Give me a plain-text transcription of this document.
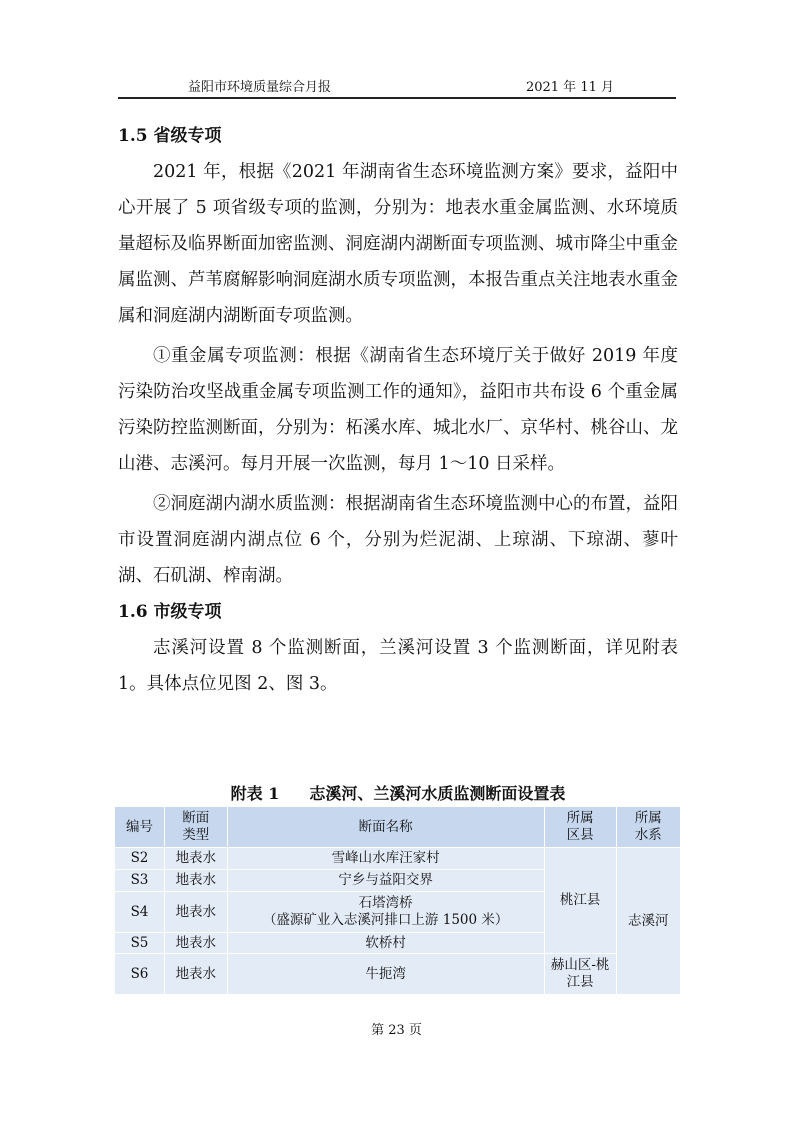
益阳市环境质量综合月报	2021 年 11 月
1.5 省级专项

2021 年，根据《2021 年湖南省生态环境监测方案》要求，益阳中心开展了 5 项省级专项的监测，分别为：地表水重金属监测、水环境质量超标及临界断面加密监测、洞庭湖内湖断面专项监测、城市降尘中重金属监测、芦苇腐解影响洞庭湖水质专项监测，本报告重点关注地表水重金属和洞庭湖内湖断面专项监测。

①重金属专项监测：根据《湖南省生态环境厅关于做好 2019 年度污染防治攻坚战重金属专项监测工作的通知》，益阳市共布设 6 个重金属污染防控监测断面，分别为：柘溪水库、城北水厂、京华村、桃谷山、龙山港、志溪河。每月开展一次监测，每月 1～10 日采样。

②洞庭湖内湖水质监测：根据湖南省生态环境监测中心的布置，益阳市设置洞庭湖内湖点位 6 个，分别为烂泥湖、上琼湖、下琼湖、蓼叶湖、石矶湖、榨南湖。

1.6 市级专项

志溪河设置 8 个监测断面，兰溪河设置 3 个监测断面，详见附表 1。具体点位见图 2、图 3。

附表 1 志溪河、兰溪河水质监测断面设置表
编号	断面类型	断面名称	所属区县	所属水系
S2	地表水	雪峰山水库汪家村	桃江县	志溪河
S3	地表水	宁乡与益阳交界		
S4	地表水	石塔湾桥
（盛源矿业入志溪河排口上游 1500 米）		

S5	地表水	软桥村		
S6	地表水	牛扼湾	赫山区-桃江县	
第 23 页
